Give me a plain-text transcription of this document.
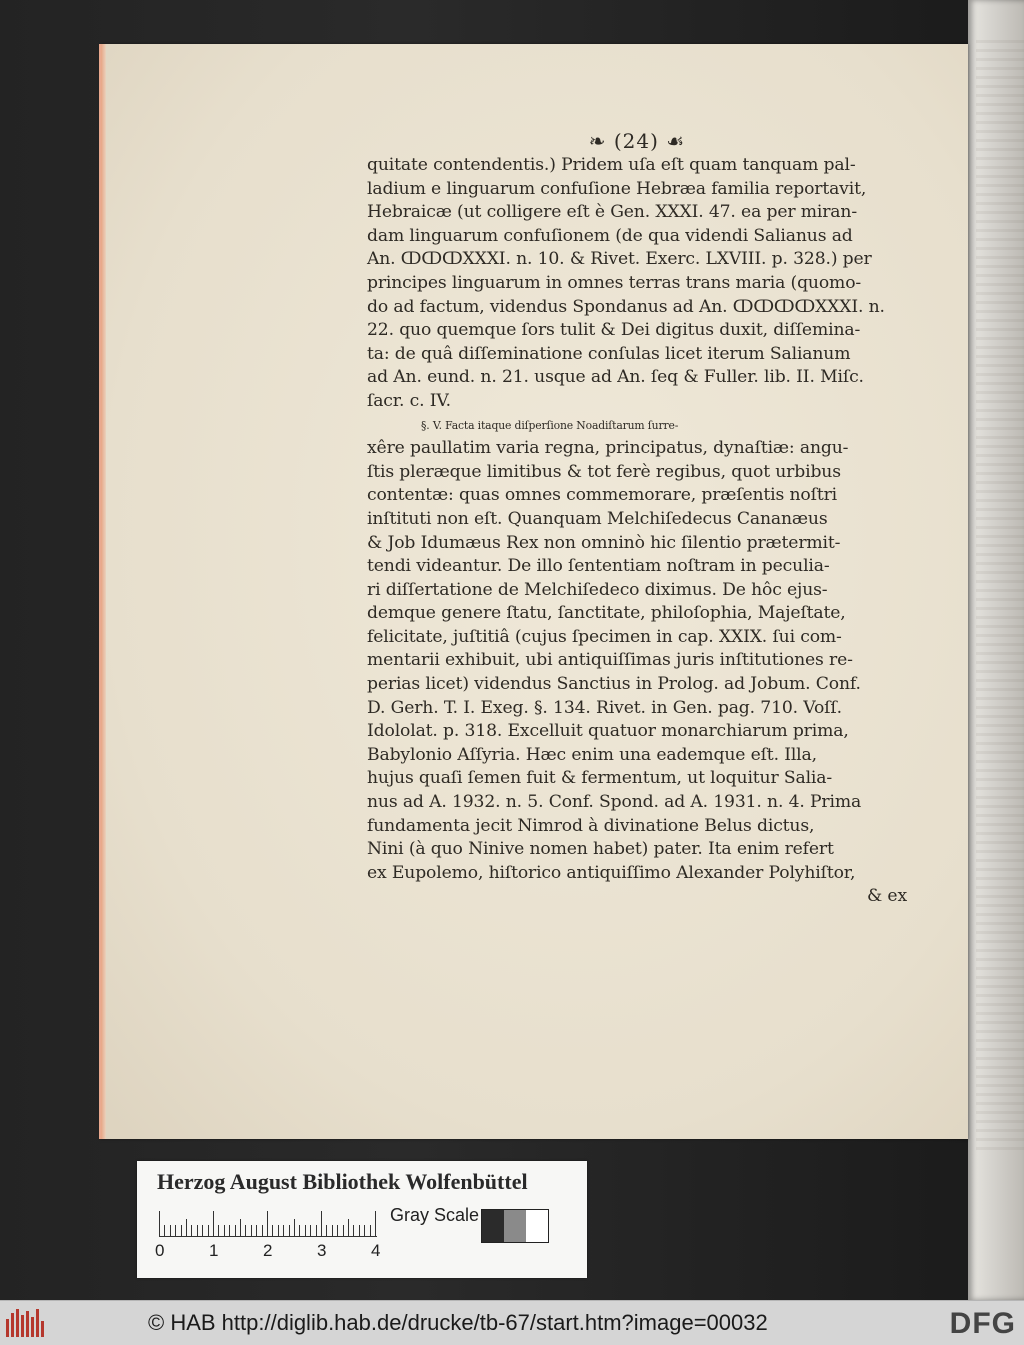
❧ (24) ☙
quitate contendentis.) Pridem uſa eſt quam tanquam pal-
ladium e linguarum confuſione Hebræa familia reportavit,
Hebraicæ (ut colligere eſt è Gen. XXXI. 47. ea per miran-
dam linguarum confuſionem (de qua videndi Salianus ad
An. ↀↀↀXXXI. n. 10. & Rivet. Exerc. LXVIII. p. 328.) per
principes linguarum in omnes terras trans maria (quomo-
do ad factum, videndus Spondanus ad An. ↀↀↀↀXXXI. n.
22. quo quemque ſors tulit & Dei digitus duxit, diſſemina-
ta: de quâ diſſeminatione conſulas licet iterum Salianum
ad An. eund. n. 21. usque ad An. ſeq & Fuller. lib. II. Miſc.
ſacr. c. IV.
§. V. Facta itaque diſperſione Noadiſtarum ſurre-
xêre paullatim varia regna, principatus, dynaſtiæ: angu-
ſtis pleræque limitibus & tot ferè regibus, quot urbibus
contentæ: quas omnes commemorare, præſentis noſtri
inſtituti non eſt. Quanquam Melchiſedecus Cananæus
& Job Idumæus Rex non omninò hic ſilentio prætermit-
tendi videantur. De illo ſententiam noſtram in peculia-
ri diſſertatione de Melchiſedeco diximus. De hôc ejus-
demque genere ſtatu, ſanctitate, philoſophia, Majeſtate,
felicitate, juſtitiâ (cujus ſpecimen in cap. XXIX. ſui com-
mentarii exhibuit, ubi antiquiſſimas juris inſtitutiones re-
perias licet) videndus Sanctius in Prolog. ad Jobum. Conf.
D. Gerh. T. I. Exeg. §. 134. Rivet. in Gen. pag. 710. Voſſ.
Idololat. p. 318. Excelluit quatuor monarchiarum prima,
Babylonio Aſſyria. Hæc enim una eademque eſt. Illa,
hujus quaſi ſemen fuit & fermentum, ut loquitur Salia-
nus ad A. 1932. n. 5. Conf. Spond. ad A. 1931. n. 4. Prima
fundamenta jecit Nimrod à divinatione Belus dictus,
Nini (à quo Ninive nomen habet) pater. Ita enim refert
ex Eupolemo, hiſtorico antiquiſſimo Alexander Polyhiſtor,
& ex
Herzog August Bibliothek Wolfenbüttel
0	1	2	3	4
Gray Scale
© HAB http://diglib.hab.de/drucke/tb-67/start.htm?image=00032	DFG
